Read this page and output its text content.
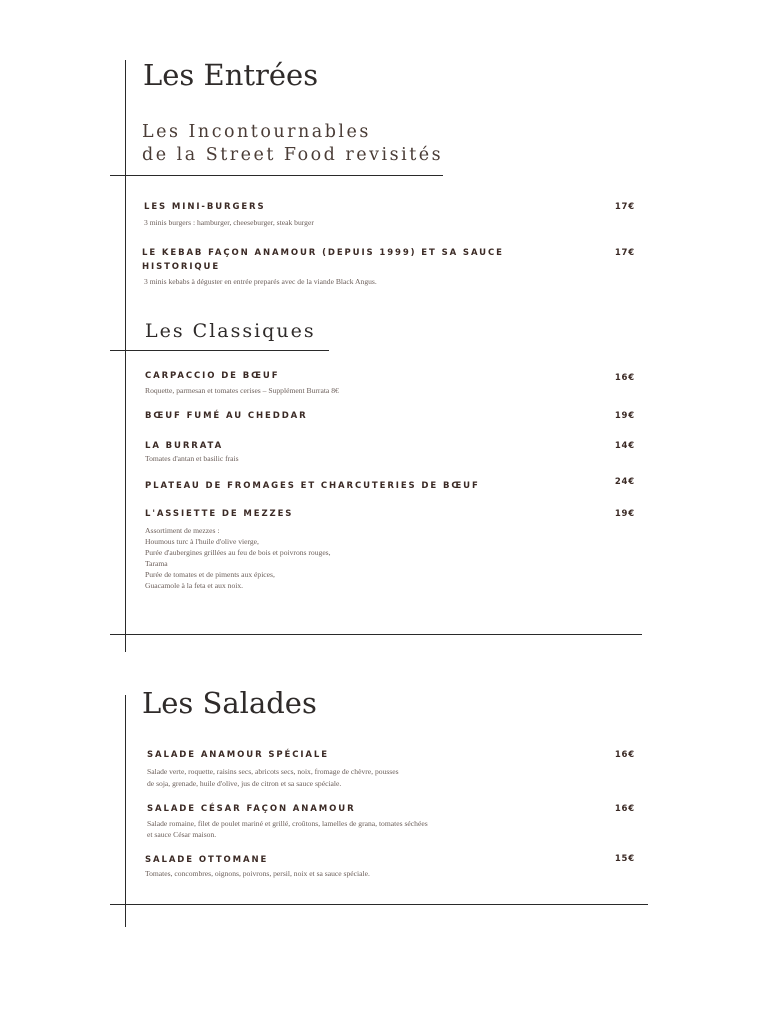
Les Entrées
Les Incontournables
de la Street Food revisités
LES MINI-BURGERS	17€
3 minis burgers : hamburger, cheeseburger, steak burger
LE KEBAB FAÇON ANAMOUR (DEPUIS 1999) ET SA SAUCE
HISTORIQUE
17€
3 minis kebabs à déguster en entrée preparés avec de la viande Black Angus.
Les Classiques
CARPACCIO DE BŒUF	16€
Roquette, parmesan et tomates cerises – Supplément Burrata 8€
BŒUF FUMÉ AU CHEDDAR	19€
LA BURRATA	14€
Tomates d'antan et basilic frais
PLATEAU DE FROMAGES ET CHARCUTERIES DE BŒUF	24€
L'ASSIETTE DE MEZZES	19€
Assortiment de mezzes :
Houmous turc à l'huile d'olive vierge,
Purée d'aubergines grillées au feu de bois et poivrons rouges,
Tarama
Purée de tomates et de piments aux épices,
Guacamole à la feta et aux noix.
Les Salades
SALADE ANAMOUR SPÉCIALE	16€
Salade verte, roquette, raisins secs, abricots secs, noix, fromage de chèvre, pousses
de soja, grenade, huile d'olive, jus de citron et sa sauce spéciale.
SALADE CÉSAR FAÇON ANAMOUR	16€
Salade romaine, filet de poulet mariné et grillé, croûtons, lamelles de grana, tomates séchées
et sauce César maison.
SALADE OTTOMANE	15€
Tomates, concombres, oignons, poivrons, persil, noix et sa sauce spéciale.
